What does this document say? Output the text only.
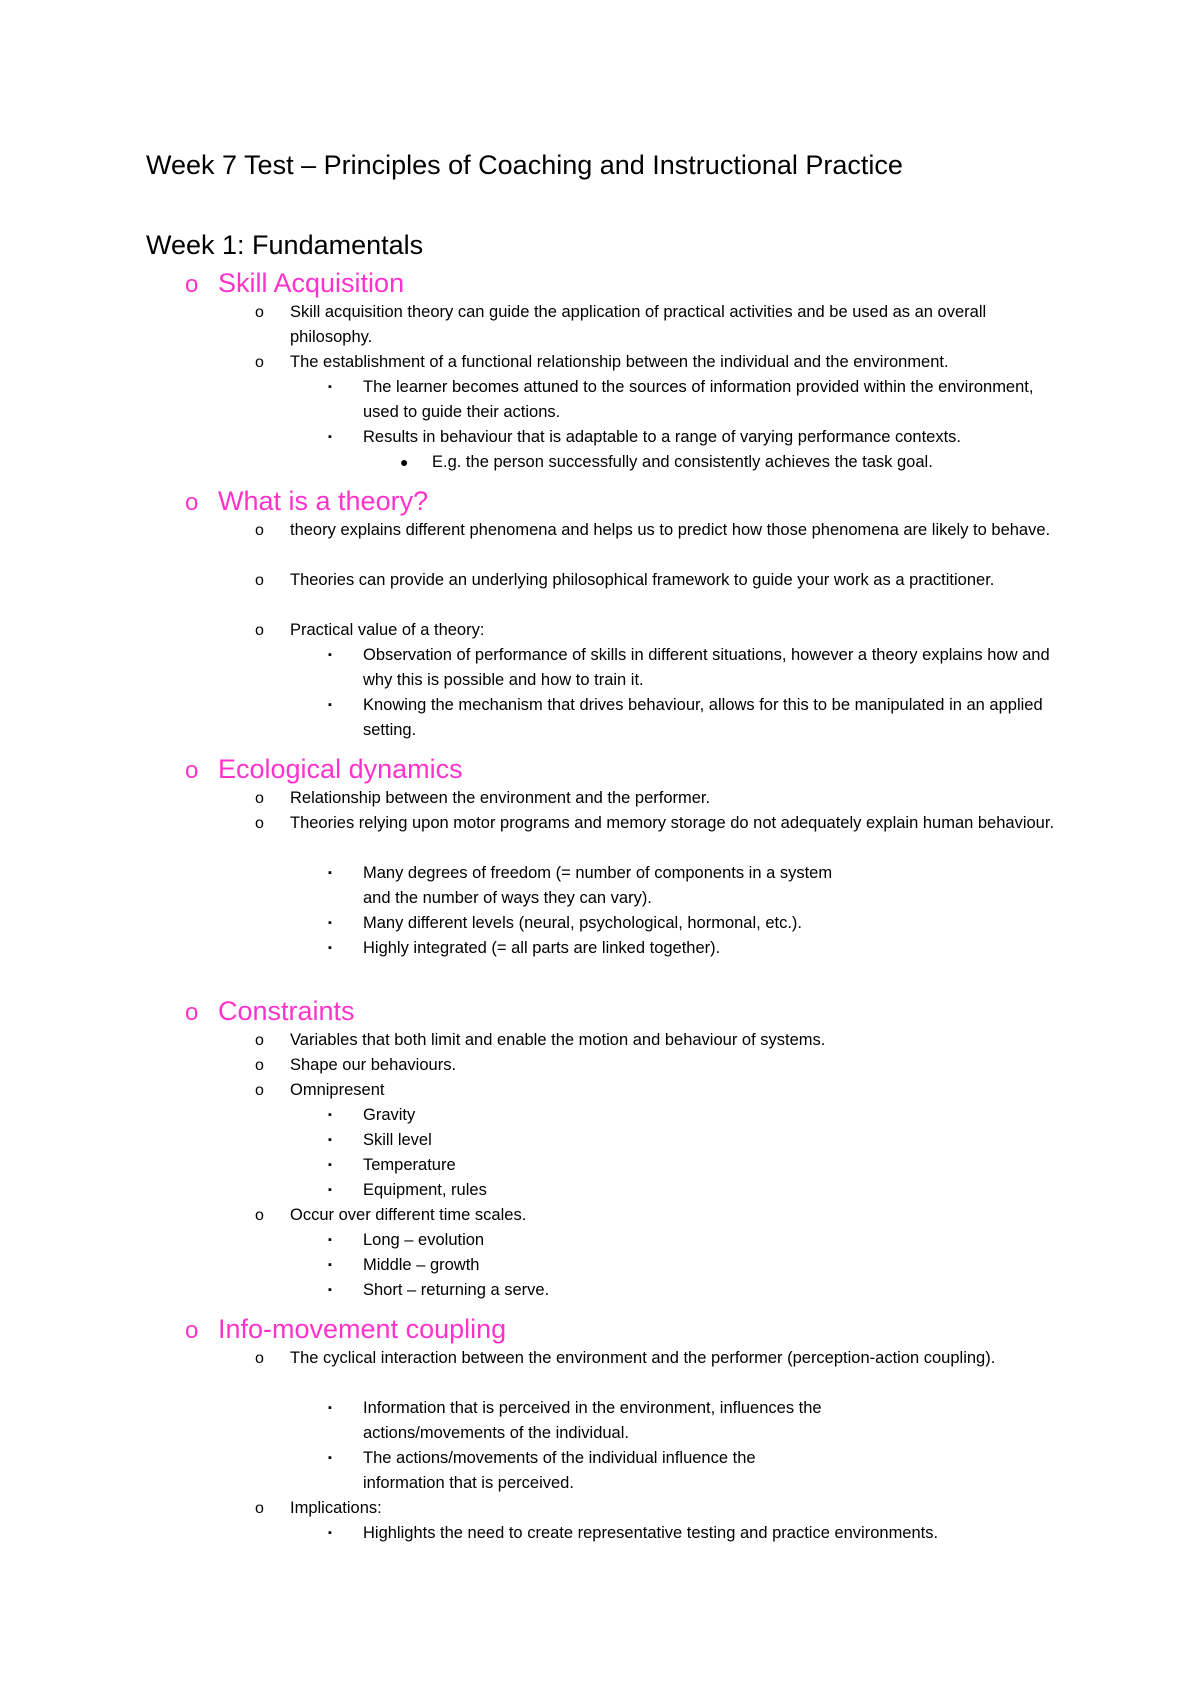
Week 7 Test – Principles of Coaching and Instructional Practice
Week 1: Fundamentals
o Skill Acquisition
o Skill acquisition theory can guide the application of practical activities and be used as an overall philosophy.
o The establishment of a functional relationship between the individual and the environment.
▪ The learner becomes attuned to the sources of information provided within the environment, used to guide their actions.
▪ Results in behaviour that is adaptable to a range of varying performance contexts.
● E.g. the person successfully and consistently achieves the task goal.
o What is a theory?
o theory explains different phenomena and helps us to predict how those phenomena are likely to behave.
o Theories can provide an underlying philosophical framework to guide your work as a practitioner.
o Practical value of a theory:
▪ Observation of performance of skills in different situations, however a theory explains how and why this is possible and how to train it.
▪ Knowing the mechanism that drives behaviour, allows for this to be manipulated in an applied setting.
o Ecological dynamics
o Relationship between the environment and the performer.
o Theories relying upon motor programs and memory storage do not adequately explain human behaviour.
▪ Many degrees of freedom (= number of components in a system and the number of ways they can vary).
▪ Many different levels (neural, psychological, hormonal, etc.).
▪ Highly integrated (= all parts are linked together).
o Constraints
o Variables that both limit and enable the motion and behaviour of systems.
o Shape our behaviours.
o Omnipresent
▪ Gravity
▪ Skill level
▪ Temperature
▪ Equipment, rules
o Occur over different time scales.
▪ Long – evolution
▪ Middle – growth
▪ Short – returning a serve.
o Info-movement coupling
o The cyclical interaction between the environment and the performer (perception-action coupling).
▪ Information that is perceived in the environment, influences the actions/movements of the individual.
▪ The actions/movements of the individual influence the information that is perceived.
o Implications:
▪ Highlights the need to create representative testing and practice environments.
